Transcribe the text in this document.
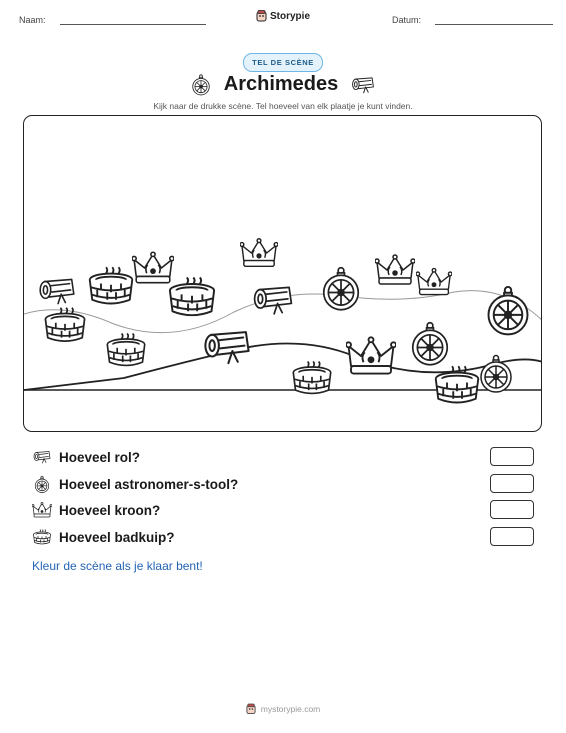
Naam:	Storypie	Datum:
TEL DE SCÈNE
Archimedes
Kijk naar de drukke scène. Tel hoeveel van elk plaatje je kunt vinden.
Hoeveel rol?
Hoeveel astronomer-s-tool?
Hoeveel kroon?
Hoeveel badkuip?
Kleur de scène als je klaar bent!
mystorypie.com
